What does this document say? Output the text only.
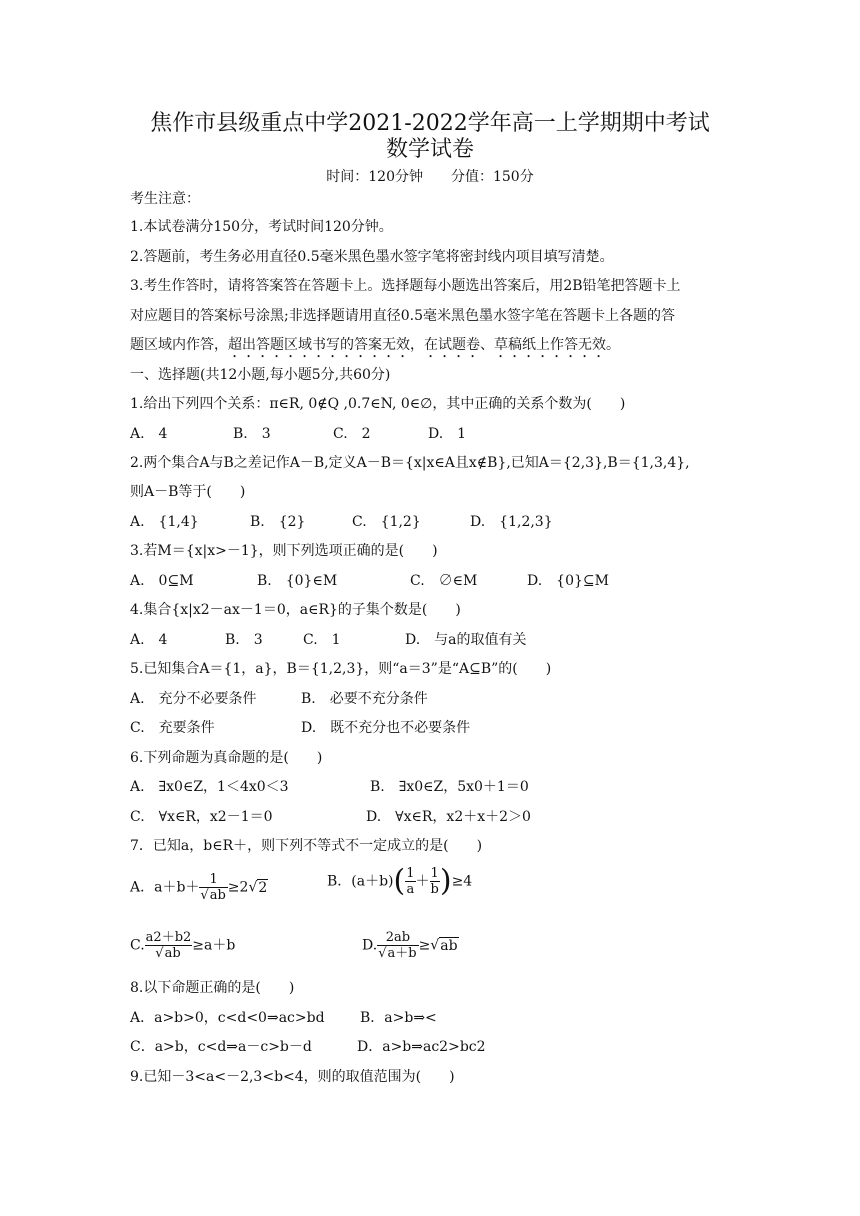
焦作市县级重点中学2021-2022学年高一上学期期中考试
数学试卷
时间：120分钟　　分值：150分
考生注意：
1.本试卷满分150分，考试时间120分钟。
2.答题前，考生务必用直径0.5毫米黑色墨水签字笔将密封线内项目填写清楚。
3.考生作答时，请将答案答在答题卡上。选择题每小题选出答案后，用2B铅笔把答题卡上
对应题目的答案标号涂黑;非选择题请用直径0.5毫米黑色墨水签字笔在答题卡上各题的答
题区域内作答，超出答题区域书写的答案无效，在试题卷、草稿纸上作答无效。
一、选择题(共12小题,每小题5分,共60分)
1.给出下列四个关系：π∈R, 0∉Q ,0.7∈N, 0∈∅，其中正确的关系个数为(　　)
A.　4	B.　3	C.　2	D.　1
2.两个集合A与B之差记作A－B,定义A－B＝{x|x∈A且x∉B},已知A＝{2,3},B＝{1,3,4},
则A－B等于(　　)
A.　{1,4}	B.　{2}	C.　{1,2}	D.　{1,2,3}
3.若M＝{x|x>－1}，则下列选项正确的是(　　)
A.　0⊆M	B.　{0}∈M	C.　∅∈M	D.　{0}⊆M
4.集合{x|x2－ax－1＝0，a∈R}的子集个数是(　　)
A.　4	B.　3	C.　1	D.　与a的取值有关
5.已知集合A＝{1，a}，B＝{1,2,3}，则“a＝3”是“A⊆B”的(　　)
A.　充分不必要条件	B.　必要不充分条件
C.　充要条件	D.　既不充分也不必要条件
6.下列命题为真命题的是(　　)
A.　∃x0∈Z，1＜4x0＜3	B.　∃x0∈Z，5x0＋1＝0
C.　∀x∈R，x2－1＝0	D.　∀x∈R，x2＋x＋2＞0
7．已知a，b∈R＋，则下列不等式不一定成立的是(　　)
A．$a+b+ \frac{1}{√ab} \ge 2√2$	B．$(a+b)( \frac{1}{a} + \frac{1}{b} )\ge 4$
C. $\frac{a2+b2}{√ab} \ge a+b$	D. $\frac{2ab}{√a+b} \ge√ab$
8.以下命题正确的是(　　)
A．a>b>0，c<d<0⇒ac>bd	B．a>b⇒<
C．a>b，c<d⇒a－c>b－d	D．a>b⇒ac2>bc2
9.已知－3<a<－2,3<b<4，则的取值范围为(　　)
